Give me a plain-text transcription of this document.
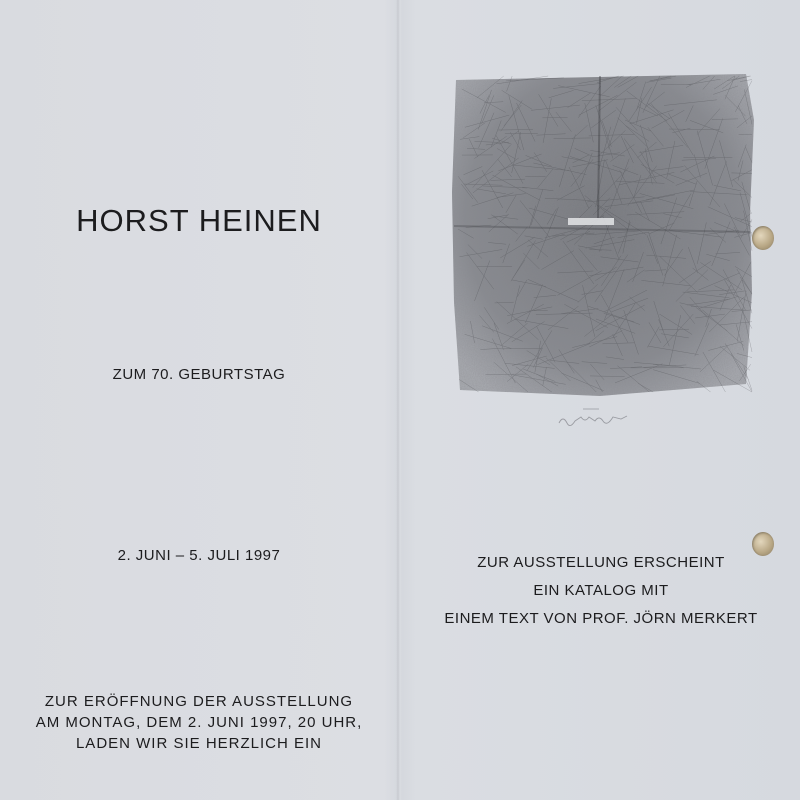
HORST HEINEN
ZUM 70. GEBURTSTAG
2. JUNI – 5. JULI 1997
ZUR ERÖFFNUNG DER AUSSTELLUNG
AM MONTAG, DEM 2. JUNI 1997, 20 UHR,
LADEN WIR SIE HERZLICH EIN
ZUR AUSSTELLUNG ERSCHEINT
EIN KATALOG MIT
EINEM TEXT VON PROF. JÖRN MERKERT
